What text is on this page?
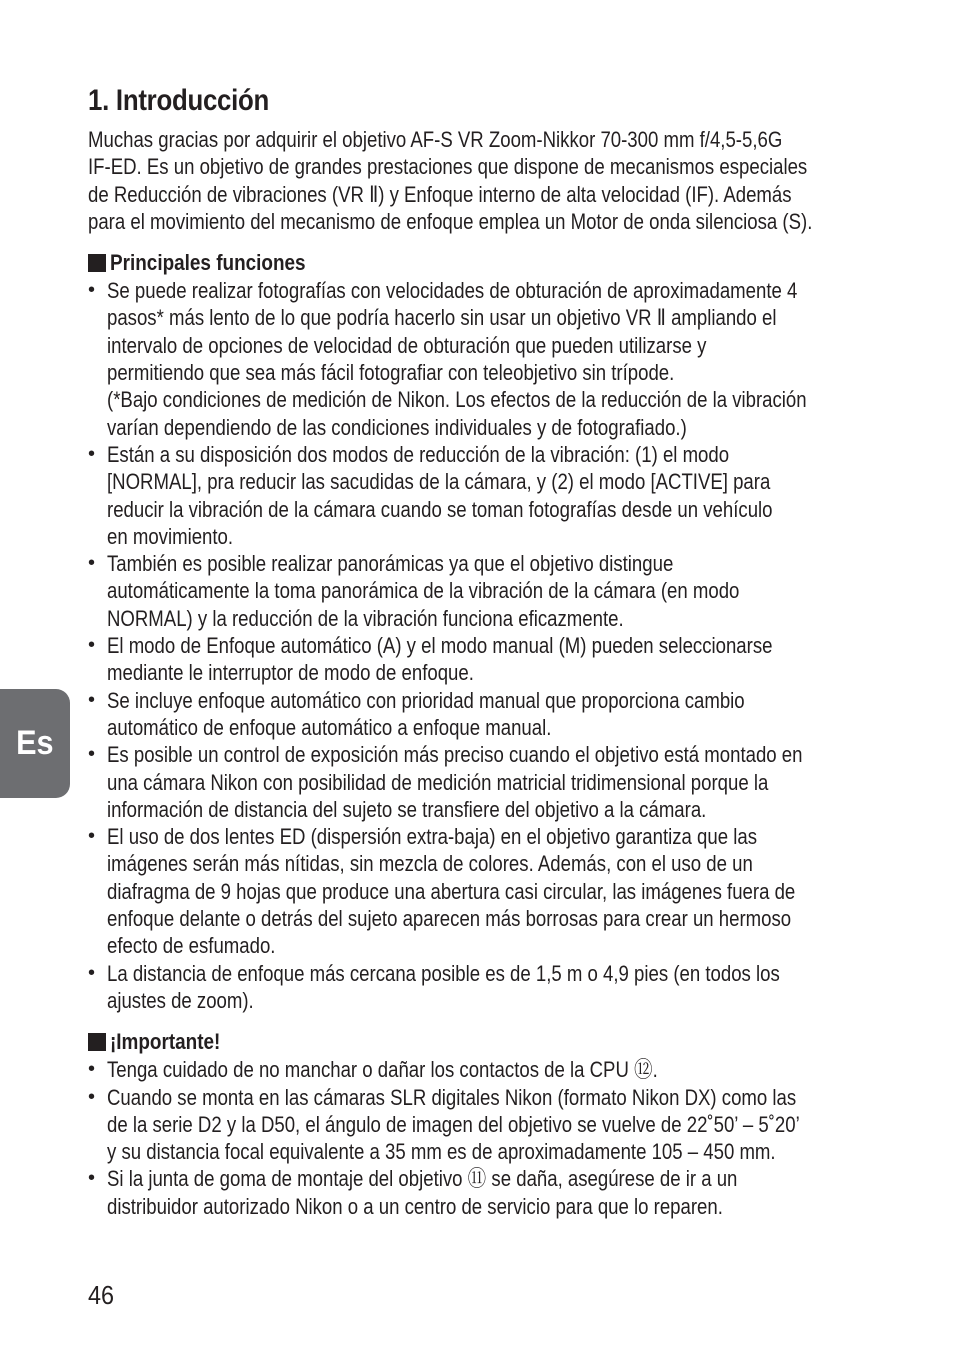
1. Introducción

Muchas gracias por adquirir el objetivo AF-S VR Zoom-Nikkor 70-300 mm f/4,5-5,6G
IF-ED. Es un objetivo de grandes prestaciones que dispone de mecanismos especiales
de Reducción de vibraciones (VR Ⅱ) y Enfoque interno de alta velocidad (IF). Además
para el movimiento del mecanismo de enfoque emplea un Motor de onda silenciosa (S).

Principales funciones
• Se puede realizar fotografías con velocidades de obturación de aproximadamente 4
pasos* más lento de lo que podría hacerlo sin usar un objetivo VR Ⅱ ampliando el
intervalo de opciones de velocidad de obturación que pueden utilizarse y
permitiendo que sea más fácil fotografiar con teleobjetivo sin trípode.
(*Bajo condiciones de medición de Nikon. Los efectos de la reducción de la vibración
varían dependiendo de las condiciones individuales y de fotografiado.)
• Están a su disposición dos modos de reducción de la vibración: (1) el modo
[NORMAL], pra reducir las sacudidas de la cámara, y (2) el modo [ACTIVE] para
reducir la vibración de la cámara cuando se toman fotografías desde un vehículo
en movimiento.
• También es posible realizar panorámicas ya que el objetivo distingue
automáticamente la toma panorámica de la vibración de la cámara (en modo
NORMAL) y la reducción de la vibración funciona eficazmente.
• El modo de Enfoque automático (A) y el modo manual (M) pueden seleccionarse
mediante le interruptor de modo de enfoque.
• Se incluye enfoque automático con prioridad manual que proporciona cambio
automático de enfoque automático a enfoque manual.
• Es posible un control de exposición más preciso cuando el objetivo está montado en
una cámara Nikon con posibilidad de medición matricial tridimensional porque la
información de distancia del sujeto se transfiere del objetivo a la cámara.
• El uso de dos lentes ED (dispersión extra-baja) en el objetivo garantiza que las
imágenes serán más nítidas, sin mezcla de colores. Además, con el uso de un
diafragma de 9 hojas que produce una abertura casi circular, las imágenes fuera de
enfoque delante o detrás del sujeto aparecen más borrosas para crear un hermoso
efecto de esfumado.
• La distancia de enfoque más cercana posible es de 1,5 m o 4,9 pies (en todos los
ajustes de zoom).
¡Importante!
• Tenga cuidado de no manchar o dañar los contactos de la CPU ⑫.
• Cuando se monta en las cámaras SLR digitales Nikon (formato Nikon DX) como las
de la serie D2 y la D50, el ángulo de imagen del objetivo se vuelve de 22˚50’ – 5˚20’
y su distancia focal equivalente a 35 mm es de aproximadamente 105 – 450 mm.
• Si la junta de goma de montaje del objetivo ⑪ se daña, asegúrese de ir a un
distribuidor autorizado Nikon o a un centro de servicio para que lo reparen.
Es
46
